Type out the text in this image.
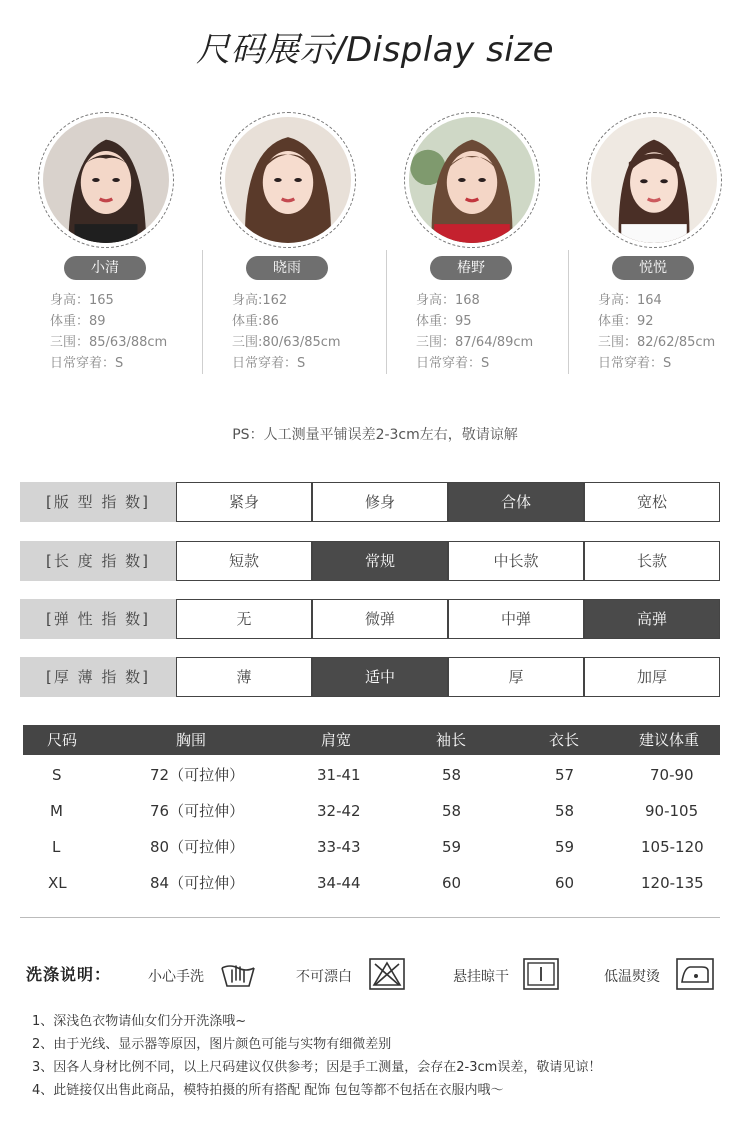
尺码展示/Display size
小清
身高：165
体重：89
三围：85/63/88cm
日常穿着：S
晓雨
身高:162
体重:86
三围:80/63/85cm
日常穿着：S
椿野
身高：168
体重：95
三围：87/64/89cm
日常穿着：S
悦悦
身高：164
体重：92
三围：82/62/85cm
日常穿着：S
PS：人工测量平铺误差2-3cm左右，敬请谅解
[版 型 指 数]	紧身	修身	合体	宽松
[长 度 指 数]	短款	常规	中长款	长款
[弹 性 指 数]	无	微弹	中弹	高弹
[厚 薄 指 数]	薄	适中	厚	加厚
尺码	胸围	肩宽	袖长	衣长	建议体重
S	72（可拉伸）	31-41	58	57	70-90
M	76（可拉伸）	32-42	58	58	90-105
L	80（可拉伸）	33-43	59	59	105-120
XL	84（可拉伸）	34-44	60	60	120-135
洗涤说明：	小心手洗	不可漂白	悬挂晾干	低温熨烫
1、深浅色衣物请仙女们分开洗涤哦~
2、由于光线、显示器等原因，图片颜色可能与实物有细微差别
3、因各人身材比例不同，以上尺码建议仅供参考；因是手工测量，会存在2-3cm误差，敬请见谅！
4、此链接仅出售此商品，模特拍摄的所有搭配 配饰 包包等都不包括在衣服内哦～
